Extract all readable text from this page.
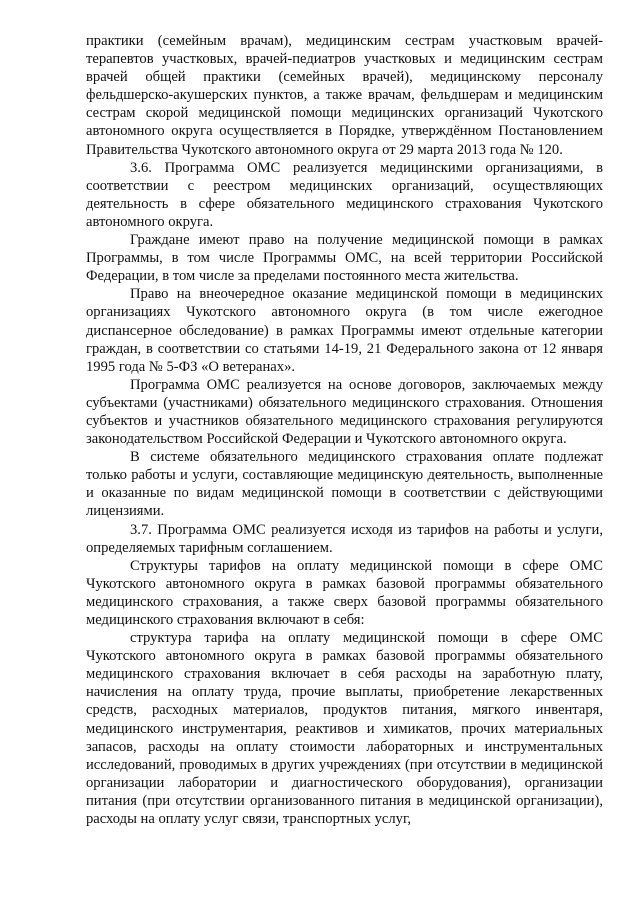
практики (семейным врачам), медицинским сестрам участковым врачей-терапевтов участковых, врачей-педиатров участковых и медицинским сестрам врачей общей практики (семейных врачей), медицинскому персоналу фельдшерско-акушерских пунктов, а также врачам, фельдшерам и медицинским сестрам скорой медицинской помощи медицинских организаций Чукотского автономного округа осуществляется в Порядке, утверждённом Постановлением Правительства Чукотского автономного округа от 29 марта 2013 года № 120.

3.6. Программа ОМС реализуется медицинскими организациями, в соответствии с реестром медицинских организаций, осуществляющих деятельность в сфере обязательного медицинского страхования Чукотского автономного округа.

Граждане имеют право на получение медицинской помощи в рамках Программы, в том числе Программы ОМС, на всей территории Российской Федерации, в том числе за пределами постоянного места жительства.

Право на внеочередное оказание медицинской помощи в медицинских организациях Чукотского автономного округа (в том числе ежегодное диспансерное обследование) в рамках Программы имеют отдельные категории граждан, в соответствии со статьями 14-19, 21 Федерального закона от 12 января 1995 года № 5-ФЗ «О ветеранах».

Программа ОМС реализуется на основе договоров, заключаемых между субъектами (участниками) обязательного медицинского страхования. Отношения субъектов и участников обязательного медицинского страхования регулируются законодательством Российской Федерации и Чукотского автономного округа.

В системе обязательного медицинского страхования оплате подлежат только работы и услуги, составляющие медицинскую деятельность, выполненные и оказанные по видам медицинской помощи в соответствии с действующими лицензиями.

3.7. Программа ОМС реализуется исходя из тарифов на работы и услуги, определяемых тарифным соглашением.

Структуры тарифов на оплату медицинской помощи в сфере ОМС Чукотского автономного округа в рамках базовой программы обязательного медицинского страхования, а также сверх базовой программы обязательного медицинского страхования включают в себя:

структура тарифа на оплату медицинской помощи в сфере ОМС Чукотского автономного округа в рамках базовой программы обязательного медицинского страхования включает в себя расходы на заработную плату, начисления на оплату труда, прочие выплаты, приобретение лекарственных средств, расходных материалов, продуктов питания, мягкого инвентаря, медицинского инструментария, реактивов и химикатов, прочих материальных запасов, расходы на оплату стоимости лабораторных и инструментальных исследований, проводимых в других учреждениях (при отсутствии в медицинской организации лаборатории и диагностического оборудования), организации питания (при отсутствии организованного питания в медицинской организации), расходы на оплату услуг связи, транспортных услуг,
